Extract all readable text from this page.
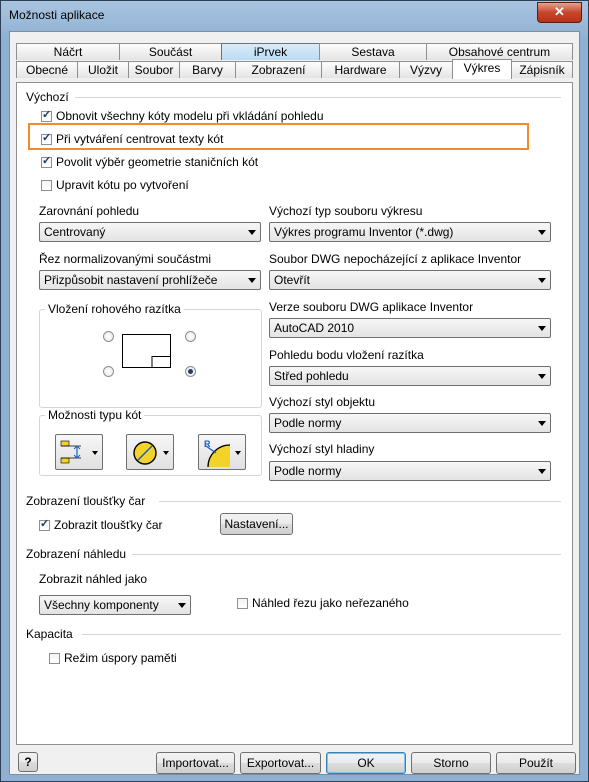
Možnosti aplikace	✕
Náčrt	Součást	iPrvek	Sestava	Obsahové centrum
Obecné	Uložit	Soubor	Barvy	Zobrazení	Hardware	Výzvy	Výkres	Zápisník
Výchozí
✓
Obnovit všechny kóty modelu při vkládání pohledu
✓
Při vytváření centrovat texty kót
✓
Povolit výběr geometrie staničních kót
Upravit kótu po vytvoření
Zarovnání pohledu
Centrovaný
Řez normalizovanými součástmi
Přizpůsobit nastavení prohlížeče
Vložení rohového razítka
Možnosti typu kót
R
Výchozí typ souboru výkresu
Výkres programu Inventor (*.dwg)
Soubor DWG nepocházející z aplikace Inventor
Otevřít
Verze souboru DWG aplikace Inventor
AutoCAD 2010
Pohledu bodu vložení razítka
Střed pohledu
Výchozí styl objektu
Podle normy
Výchozí styl hladiny
Podle normy
Zobrazení tloušťky čar
✓
Zobrazit tloušťky čar	Nastavení...
Zobrazení náhledu
Zobrazit náhled jako
Všechny komponenty	Náhled řezu jako neřezaného
Kapacita
Režim úspory paměti
?	Importovat...	Exportovat...	OK	Storno	Použít
